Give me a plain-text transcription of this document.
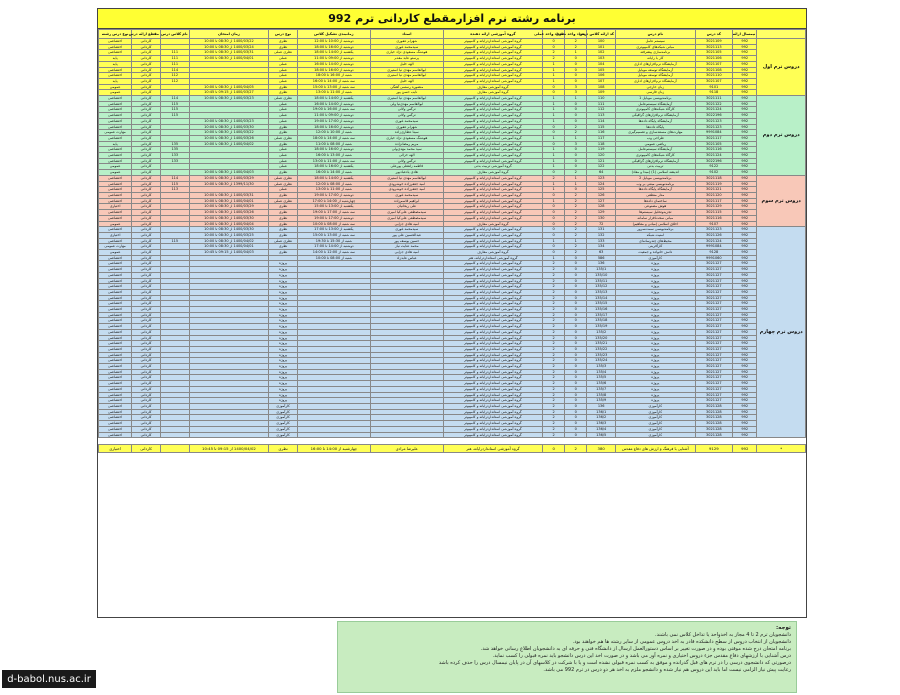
برنامه رشته نرم افزارمقطع کاردانی ترم 992
	نیمسال ارائه	کد درس	نام درس	کد ارائه کلاس درس	تعداد واحد نظری	تعداد واحد عملی	گروه آموزشی ارائه دهنده	استاد	زمانبندی تشکیل کلاس	نوع درس	زمان امتحان	نام کلاس درس	مقطع ارائه درس	نوع درس رشته
دروس ترم اول	992	3021109	سیستم عامل	100	2	0	گروه آموزشی استانداردرایانه و کامپیوتر	شهرام عفوری	دوشنبه از 10:00 تا 12:00	نظری	1400/03/22 از 08:30 تا 10:00		کاردانی	اختصاصی
	992	3021113	مبانی شبکه‌های کامپیوتری	101	2	0	گروه آموزشی استانداردرایانه و کامپیوتر	سیدمحمد غوری	دوشنبه از 16:00 تا 18:00	نظری	1400/03/24 از 08:30 تا 10:00		کاردانی	اختصاصی
	992	3021105	برنامه‌سازی پیشرفته	102	1	2	گروه آموزشی استانداردرایانه و کامپیوتر	هوشنگ مسعودی نژاد خیاری	یکشنبه از 14:00 تا 18:00	نظری عملی	1400/03/31 از 08:30 تا 10:00	111	کاردانی	اختصاصی
	992	3021106	کار با رایانه	103	0	2	گروه آموزشی استانداردرایانه و کامپیوتر	پرستو عابد مقدم	دوشنبه از 09:00 تا 11:00	عملی	1400/04/01 از 08:30 تا 10:00	111	کاردانی	پایه
	992	3021107	آزمایشگاه نرم‌افزارهای اداری	104	0	1	گروه آموزشی استانداردرایانه و کامپیوتر	الهه خلیل	دوشنبه از 14:00 تا 16:00	عملی		111	کاردانی	پایه
	992	3021108	آزمایشگاه توسعه موبایل	105	0	1	گروه آموزشی استانداردرایانه و کامپیوتر	ابوالقاسم مهدی نیا استیری	دوشنبه از 16:00 تا 18:00	عملی		114	کاردانی	اختصاصی
	992	3021110	آزمایشگاه توسعه موبایل	106	0	1	گروه آموزشی استانداردرایانه و کامپیوتر	ابوالقاسم مهدی نیا استیری	شنبه از 16:00 تا 18:00	عملی		112	کاردانی	اختصاصی
	992	3021107	آزمایشگاه نرم‌افزارهای اداری	107	0	1	گروه آموزشی استانداردرایانه و کامپیوتر	الهه خلیل	سه شنبه از 14:00 تا 16:00	عملی		112	کاردانی	پایه
	992	9101	زبان خارجی	108	3	0	گروه آموزشی معارف	منصوره رستمی آهنگی	سه شنبه از 13:00 تا 15:00	نظری	1400/04/05 از 08:30 تا 10:00		کاردانی	عمومی
	992	9118	زبان فارسی	109	3	0	گروه آموزشی معارف	نایب حسن پور	شنبه از 11:00 تا 13:00	نظری	1400/03/27 از 09:15 تا 10:45		کاردانی	عمومی
دروس ترم دوم	992	3021111	برنامه‌نویسی موبایل 1	110	1	1	گروه آموزشی استانداردرایانه و کامپیوتر	ابوالقاسم مهدی نیا استیری	یکشنبه از 14:00 تا 18:00	نظری عملی	1400/03/23 از 08:30 تا 10:00	114	کاردانی	اختصاصی
	992	3021122	آزمایشگاه سیستم‌عامل	111	0	1	گروه آموزشی استانداردرایانه و کامپیوتر	ابوالقاسم مهدی‌نیا ولی	دوشنبه از 14:00 تا 16:00	عملی		115	کاردانی	اختصاصی
	992	3021124	کارگاه شبکه‌های کامپیوتری	112	0	1	گروه آموزشی استانداردرایانه و کامپیوتر	ترگس ولائی	سه شنبه از 16:00 تا 19:00	عملی		115	کاردانی	اختصاصی
	992	3022196	آزمایشگاه نرم‌افزارهای گرافیکی	113	0	1	گروه آموزشی استانداردرایانه و کامپیوتر	ترگس ولائی	دوشنبه از 09:00 تا 11:00	عملی		115	کاردانی	اختصاصی
	992	3021123	آزمایشگاه پایگاه داده‌ها	114	0	1	گروه آموزشی استانداردرایانه و کامپیوتر	سیدمحمد غوری	دوشنبه از 17:00 تا 19:00	عملی	1400/03/23 از 08:30 تا 10:00		کاردانی	اختصاصی
	992	3021123	پایگاه داده‌ها	115	2	0	گروه آموزشی استانداردرایانه و کامپیوتر	شهرام عفوری	دوشنبه از 16:00 تا 18:00	نظری	1400/03/30 از 08:30 تا 10:00		کاردانی	اختصاصی
	992	9991084	مهارت‌های مستندسازی و تصمیم‌گیری	116	2	0	گروه آموزشی استانداردرایانه و کامپیوتر	سینا عطاری‌زاده	شنبه از 10:00 تا 12:00	نظری	1400/03/22 از 08:30 تا 10:00		کاردانی	مهارت عمومی
	992	3021117	طراحی وب	117	1	1	گروه آموزشی استانداردرایانه و کامپیوتر	هوشنگ مسعودی نژاد خیاری	سه شنبه از 14:00 تا 18:00	نظری عملی	1400/03/26 از 08:30 تا 10:00		کاردانی	اختصاصی
	992	3021105	ریاضی عمومی	118	3	0	گروه آموزشی استانداردرایانه و کامپیوتر	مریم رمضانزاده	شنبه از 08:00 تا 11:00	نظری	1400/04/02 از 08:30 تا 10:00	135	کاردانی	پایه
	992	3021116	آزمایشگاه سیستم‌عامل	119	0	1	گروه آموزشی استانداردرایانه و کامپیوتر	سید محمد مهدی‌ولی	دوشنبه از 16:00 تا 18:00	عملی		135	کاردانی	اختصاصی
	992	3021124	کارگاه شبکه‌های کامپیوتری	120	0	1	گروه آموزشی استانداردرایانه و کامپیوتر	الهه خزائی	شنبه از 13:00 تا 16:00	عملی		133	کاردانی	اختصاصی
	992	3022196	آزمایشگاه نرم‌افزارهای گرافیکی	121	0	1	گروه آموزشی استانداردرایانه و کامپیوتر	ترگس ولائی	سه شنبه از 11:00 تا 13:00	عملی		133	کاردانی	اختصاصی
	992	9122	تربیت بدنی	122	0	1	گروه آموزشی تربیت بدنی	فاطمه زلفعلی پورعلی	یکشنبه از 16:00 تا 18:00	عملی			کاردانی	عمومی
	992	9102	اندیشه اسلامی (1) (مبدا و معاد)	64	2	0	گروه آموزشی معارف	هادی یادعبادپور	شنبه از 14:00 تا 16:00	نظری	1400/04/03 از 08:30 تا 10:00		کاردانی	عمومی
دروس ترم سوم	992	3021118	برنامه‌نویسی موبایل 2	123	1	2	گروه آموزشی استانداردرایانه و کامپیوتر	ابوالقاسم مهدی نیا استیری	یکشنبه از 14:00 تا 18:00	نظری عملی	1400/03/29 از 08:30 تا 10:00	114	کاردانی	اختصاصی
	992	3021119	برنامه‌نویسی مبتنی بر وب	124	1	1	گروه آموزشی استانداردرایانه و کامپیوتر	امید جعفرزاده خوشرودی	شنبه از 08:00 تا 12:00	نظری عملی	1399/11/30 از 08:30 تا 10:00	115	کاردانی	اختصاصی
	992	3021121	آزمایشگاه پایگاه داده‌ها	125	0	1	گروه آموزشی استانداردرایانه و کامپیوتر	امید جعفرزاده خوشرودی	شنبه از 11:00 تا 13:00	عملی		113	کاردانی	اختصاصی
	992	3021120	مدار منطقی	126	2	0	گروه آموزشی استانداردرایانه و کامپیوتر	سیدمحمد غوری	دوشنبه از 17:00 تا 19:00	نظری	1400/03/31 از 08:30 تا 10:00		کاردانی	اختصاصی
	992	3021117	ساختمان داده‌ها	127	2	1	گروه آموزشی استانداردرایانه و کامپیوتر	ابراهیم قاسم‌زاده	چهارشنبه از 14:00 تا 17:00	نظری عملی	1400/04/01 از 08:30 تا 10:00		کاردانی	اختصاصی
	992	3021129	هوش مصنوعی	128	2	0	گروه آموزشی استانداردرایانه و کامپیوتر	علی ریحانیان	یکشنبه از 13:00 تا 15:00	نظری	1400/03/29 از 08:30 تا 10:00		کاردانی	اختیاری
	992	3021115	تجزیه‌وتحلیل سیستم‌ها	129	2	0	گروه آموزشی استانداردرایانه و کامپیوتر	سیدمصطفی علی‌کیا امیری	سه شنبه از 17:00 تا 19:00	نظری	1400/03/26 از 08:30 تا 10:00		کاردانی	اختصاصی
	992	3021116	مبانی سخت‌افزار سامانه	130	2	0	گروه آموزشی استانداردرایانه و کامپیوتر	سیدمصطفی علی‌کیا امیری	دوشنبه از 17:00 تا 19:00	نظری	1400/03/30 از 08:30 تا 10:00		کاردانی	اختصاصی
	992	9107	اخلاق اسلامی (مبانی و مفاهیم)	72	2	0	گروه آموزشی معارف	امیه هادی جزایی	سه شنبه از 08:00 تا 10:00	نظری	1400/04/04 از 08:30 تا 10:00		کاردانی	عمومی
دروس ترم چهارم	992	3021123	برنامه‌نویسی سمت‌سرور	131	2	0	گروه آموزشی استانداردرایانه و کامپیوتر	سیدمحمد غوری	یکشنبه از 13:00 تا 17:00	نظری	1400/03/30 از 08:30 تا 10:00		کاردانی	اختصاصی
	992	3021126	امنیت شبکه	132	2	0	گروه آموزشی استانداردرایانه و کامپیوتر	عبدالحسین علی پور	سه شنبه از 13:00 تا 15:00	نظری	1400/03/25 از 08:30 تا 10:00		کاردانی	اختیاری
	992	3021124	محیط‌های چندرسانه‌ای	133	1	1	گروه آموزشی استانداردرایانه و کامپیوتر	حسین یوسف پور	شنبه از 15:30 تا 19:30	نظری عملی	1400/04/02 از 08:30 تا 10:00	115	کاردانی	اختصاصی
	992	9991084	کارآفرینی	134	2	0	گروه آموزشی استانداردرایانه و کامپیوتر	محمد عنایت نیاز	دوشنبه از 14:00 تا 17:00	نظری	1400/04/01 از 08:30 تا 10:00		کاردانی	مهارت عمومی
	992	9128	دانش خانواده و جمعیت	63	2	0	گروه آموزشی معارف	امیه هادی جزایی	سه شنبه از 12:00 تا 14:00	نظری	1400/04/03 از 09:15 تا 10:45		کاردانی	عمومی
	992	9991060	کارآموزی	586	0	1	گروه آموزشی استانداردرایانه، هنر	عباس عابدزاد	شنبه از 08:00 تا 10:00				کاردانی	اختصاصی
	992	3021127	پروژه	136	0	2	گروه آموزشی استانداردرایانه و کامپیوتر			پروژه			کاردانی	اختصاصی
	992	3021127	پروژه	135/1	0	2	گروه آموزشی استانداردرایانه و کامپیوتر			پروژه			کاردانی	اختصاصی
	992	3021127	پروژه	135/10	0	2	گروه آموزشی استانداردرایانه و کامپیوتر			پروژه			کاردانی	اختصاصی
	992	3021127	پروژه	135/11	0	2	گروه آموزشی استانداردرایانه و کامپیوتر			پروژه			کاردانی	اختصاصی
	992	3021127	پروژه	135/12	0	2	گروه آموزشی استانداردرایانه و کامپیوتر			پروژه			کاردانی	اختصاصی
	992	3021127	پروژه	135/13	0	2	گروه آموزشی استانداردرایانه و کامپیوتر			پروژه			کاردانی	اختصاصی
	992	3021127	پروژه	135/14	0	2	گروه آموزشی استانداردرایانه و کامپیوتر			پروژه			کاردانی	اختصاصی
	992	3021127	پروژه	135/15	0	2	گروه آموزشی استانداردرایانه و کامپیوتر			پروژه			کاردانی	اختصاصی
	992	3021127	پروژه	135/16	0	2	گروه آموزشی استانداردرایانه و کامپیوتر			پروژه			کاردانی	اختصاصی
	992	3021127	پروژه	135/17	0	2	گروه آموزشی استانداردرایانه و کامپیوتر			پروژه			کاردانی	اختصاصی
	992	3021127	پروژه	135/18	0	2	گروه آموزشی استانداردرایانه و کامپیوتر			پروژه			کاردانی	اختصاصی
	992	3021127	پروژه	135/19	0	2	گروه آموزشی استانداردرایانه و کامپیوتر			پروژه			کاردانی	اختصاصی
	992	3021127	پروژه	135/2	0	2	گروه آموزشی استانداردرایانه و کامپیوتر			پروژه			کاردانی	اختصاصی
	992	3021127	پروژه	135/20	0	2	گروه آموزشی استانداردرایانه و کامپیوتر			پروژه			کاردانی	اختصاصی
	992	3021127	پروژه	135/21	0	2	گروه آموزشی استانداردرایانه و کامپیوتر			پروژه			کاردانی	اختصاصی
	992	3021127	پروژه	135/22	0	2	گروه آموزشی استانداردرایانه و کامپیوتر			پروژه			کاردانی	اختصاصی
	992	3021127	پروژه	135/23	0	2	گروه آموزشی استانداردرایانه و کامپیوتر			پروژه			کاردانی	اختصاصی
	992	3021127	پروژه	135/24	0	2	گروه آموزشی استانداردرایانه و کامپیوتر			پروژه			کاردانی	اختصاصی
	992	3021127	پروژه	135/3	0	2	گروه آموزشی استانداردرایانه و کامپیوتر			پروژه			کاردانی	اختصاصی
	992	3021127	پروژه	135/4	0	2	گروه آموزشی استانداردرایانه و کامپیوتر			پروژه			کاردانی	اختصاصی
	992	3021127	پروژه	135/5	0	2	گروه آموزشی استانداردرایانه و کامپیوتر			پروژه			کاردانی	اختصاصی
	992	3021127	پروژه	135/6	0	2	گروه آموزشی استانداردرایانه و کامپیوتر			پروژه			کاردانی	اختصاصی
	992	3021127	پروژه	135/7	0	2	گروه آموزشی استانداردرایانه و کامپیوتر			پروژه			کاردانی	اختصاصی
	992	3021127	پروژه	135/8	0	2	گروه آموزشی استانداردرایانه و کامپیوتر			پروژه			کاردانی	اختصاصی
	992	3021127	پروژه	135/9	0	2	گروه آموزشی استانداردرایانه و کامپیوتر			پروژه			کاردانی	اختصاصی
	992	3021128	کارآموزی	136	0	2	گروه آموزشی استانداردرایانه و کامپیوتر			کارآموزی			کاردانی	اختصاصی
	992	3021128	کارآموزی	136/1	0	2	گروه آموزشی استانداردرایانه و کامپیوتر			کارآموزی			کاردانی	اختصاصی
	992	3021128	کارآموزی	136/2	0	2	گروه آموزشی استانداردرایانه و کامپیوتر			کارآموزی			کاردانی	اختصاصی
	992	3021128	کارآموزی	136/3	0	2	گروه آموزشی استانداردرایانه و کامپیوتر			کارآموزی			کاردانی	اختصاصی
	992	3021128	کارآموزی	136/4	0	2	گروه آموزشی استانداردرایانه و کامپیوتر			کارآموزی			کاردانی	اختصاصی
	992	3021128	کارآموزی	136/5	0	2	گروه آموزشی استانداردرایانه و کامپیوتر			کارآموزی			کاردانی	اختصاصی
*	992	9129	آشنایی با فرهنگ و ارزش های دفاع مقدس	380	2	0	گروه آموزشی استانداردرایانه، هنر	علیرضا مرادی	چهارشنبه از 14:00 تا 16:00	نظری	1400/04/02 از 09:15 تا 10:45		کاردانی	اختیاری
توجه:
دانشجویان ترم 2 تا 4 مجاز به اخذواحد یا تداخل کلاس نمی باشند.
دانشجویان از انتخاب دروس از سطح دانشکده قادر به اخذ دروس عمومی از سایر رشته ها هم خواهند بود.
برنامه امتحان درج شده موقتی بوده و در صورت تغییر بر اساس دستورالعمل ارسال از دانشگاه فنی و حرفه ای به دانشجویان اطلاع رسانی خواهد شد.
درس آشنایی با ارزشهای دفاع مقدس جزء دروس اختیاری و نمره آور می باشد و در صورت اخذ این درس دانشجو باید نمره قبولی را کسب نماید.
درصورتی که دانشجوی درسی را در ترم های قبل گذرانده و موفق به کسب نمره قبولی نشده است و یا با شرکت در کلاسهای آن در پایان نیمسال درس را حذف کرده باشد
رعایت پیش نیاز الزامی نیست اما باید این دروس هم نیاز شده و دانشجو ملزم به اخذ هر دو درس در ترم 992 می باشد.
d-babol.nus.ac.ir
